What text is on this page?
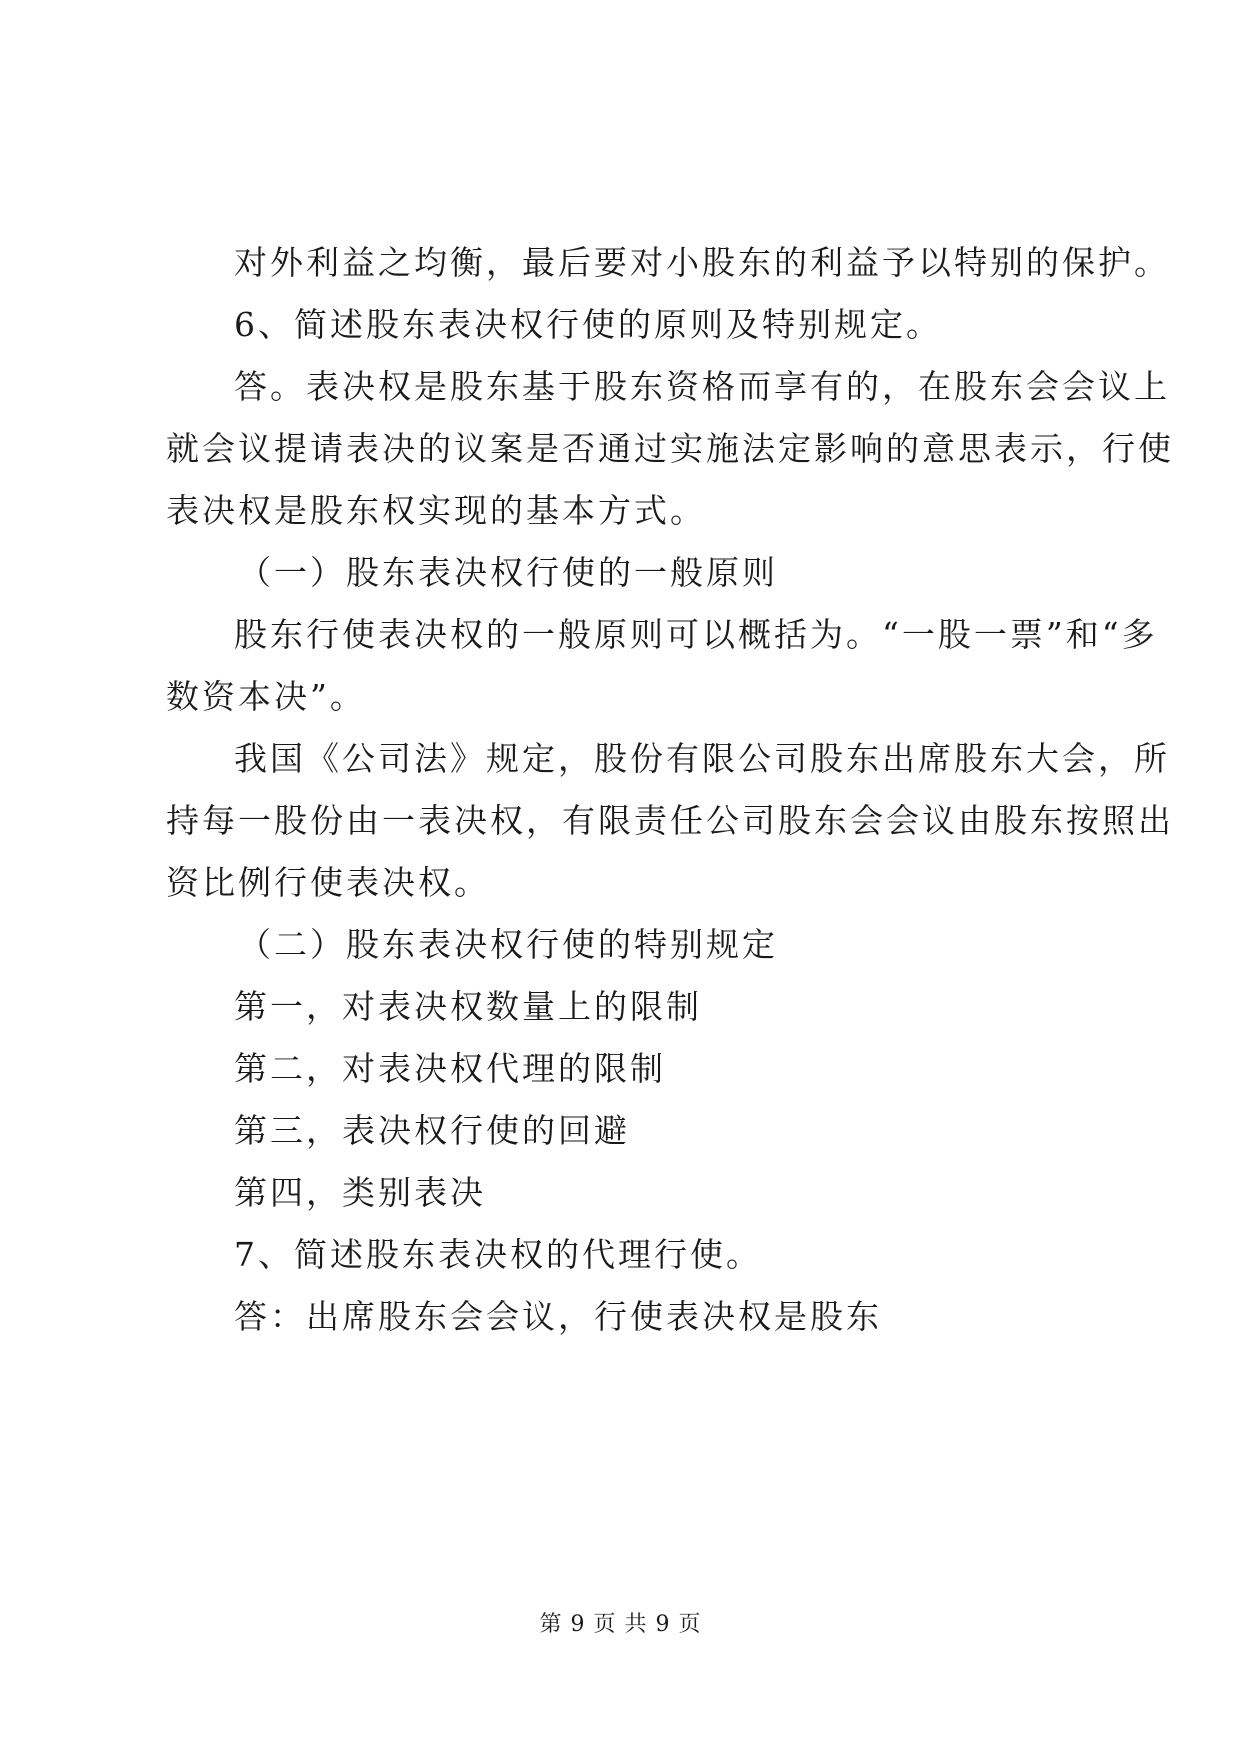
对外利益之均衡，最后要对小股东的利益予以特别的保护。
6、简述股东表决权行使的原则及特别规定。
答。表决权是股东基于股东资格而享有的，在股东会会议上
就会议提请表决的议案是否通过实施法定影响的意思表示，行使
表决权是股东权实现的基本方式。
（一）股东表决权行使的一般原则
股东行使表决权的一般原则可以概括为。“一股一票”和“多
数资本决”。
我国《公司法》规定，股份有限公司股东出席股东大会，所
持每一股份由一表决权，有限责任公司股东会会议由股东按照出
资比例行使表决权。
（二）股东表决权行使的特别规定
第一，对表决权数量上的限制
第二，对表决权代理的限制
第三，表决权行使的回避
第四，类别表决
7、简述股东表决权的代理行使。
答：出席股东会会议，行使表决权是股东
第 9 页 共 9 页
